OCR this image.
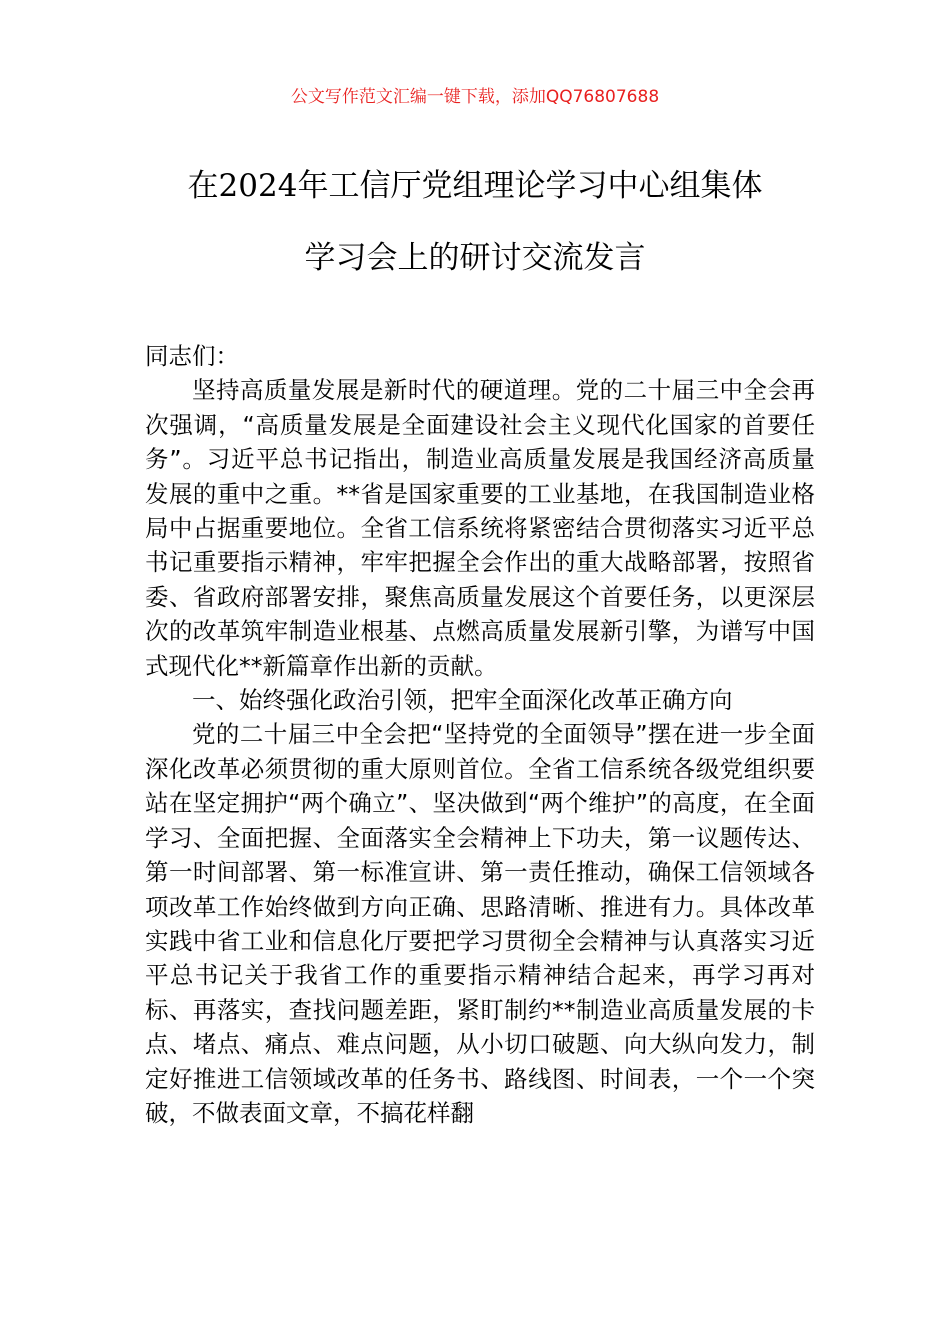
公文写作范文汇编一键下载，添加QQ76807688
在2024年工信厅党组理论学习中心组集体
学习会上的研讨交流发言

同志们：

坚持高质量发展是新时代的硬道理。党的二十届三中全会再次强调，“高质量发展是全面建设社会主义现代化国家的首要任务”。习近平总书记指出，制造业高质量发展是我国经济高质量发展的重中之重。**省是国家重要的工业基地，在我国制造业格局中占据重要地位。全省工信系统将紧密结合贯彻落实习近平总书记重要指示精神，牢牢把握全会作出的重大战略部署，按照省委、省政府部署安排，聚焦高质量发展这个首要任务，以更深层次的改革筑牢制造业根基、点燃高质量发展新引擎，为谱写中国式现代化**新篇章作出新的贡献。

一、始终强化政治引领，把牢全面深化改革正确方向

党的二十届三中全会把“坚持党的全面领导”摆在进一步全面深化改革必须贯彻的重大原则首位。全省工信系统各级党组织要站在坚定拥护“两个确立”、坚决做到“两个维护”的高度，在全面学习、全面把握、全面落实全会精神上下功夫，第一议题传达、第一时间部署、第一标准宣讲、第一责任推动，确保工信领域各项改革工作始终做到方向正确、思路清晰、推进有力。具体改革实践中省工业和信息化厅要把学习贯彻全会精神与认真落实习近平总书记关于我省工作的重要指示精神结合起来，再学习再对标、再落实，查找问题差距，紧盯制约**制造业高质量发展的卡点、堵点、痛点、难点问题，从小切口破题、向大纵向发力，制定好推进工信领域改革的任务书、路线图、时间表，一个一个突破，不做表面文章，不搞花样翻
